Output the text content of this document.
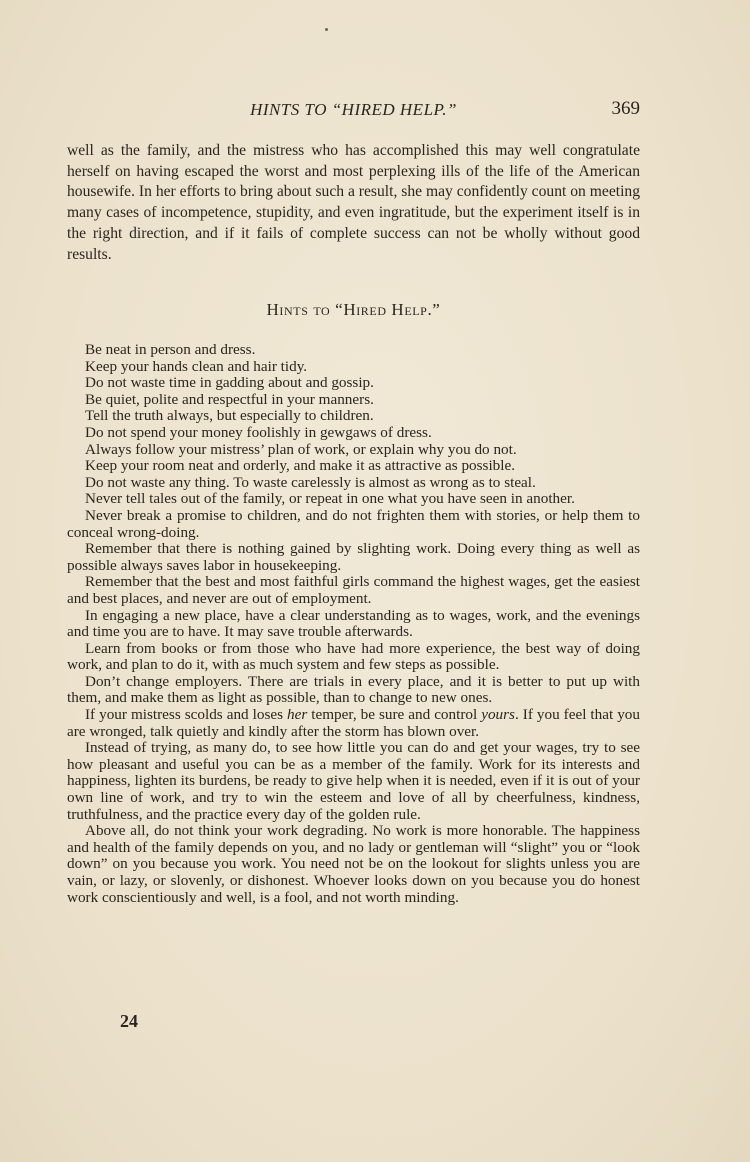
HINTS TO “HIRED HELP.”	369

well as the family, and the mistress who has accomplished this may well congratulate herself on having escaped the worst and most perplexing ills of the life of the American housewife. In her efforts to bring about such a result, she may confidently count on meeting many cases of incompetence, stupidity, and even ingratitude, but the experiment itself is in the right direction, and if it fails of complete success can not be wholly without good results.

Hints to “Hired Help.”

Be neat in person and dress.

Keep your hands clean and hair tidy.

Do not waste time in gadding about and gossip.

Be quiet, polite and respectful in your manners.

Tell the truth always, but especially to children.

Do not spend your money foolishly in gewgaws of dress.

Always follow your mistress’ plan of work, or explain why you do not.

Keep your room neat and orderly, and make it as attractive as possible.

Do not waste any thing. To waste carelessly is almost as wrong as to steal.

Never tell tales out of the family, or repeat in one what you have seen in another.

Never break a promise to children, and do not frighten them with stories, or help them to conceal wrong-doing.

Remember that there is nothing gained by slighting work. Doing every thing as well as possible always saves labor in housekeeping.

Remember that the best and most faithful girls command the highest wages, get the easiest and best places, and never are out of employment.

In engaging a new place, have a clear understanding as to wages, work, and the evenings and time you are to have. It may save trouble afterwards.

Learn from books or from those who have had more experience, the best way of doing work, and plan to do it, with as much system and few steps as possible.

Don’t change employers. There are trials in every place, and it is better to put up with them, and make them as light as possible, than to change to new ones.

If your mistress scolds and loses her temper, be sure and control yours. If you feel that you are wronged, talk quietly and kindly after the storm has blown over.

Instead of trying, as many do, to see how little you can do and get your wages, try to see how pleasant and useful you can be as a member of the family. Work for its interests and happiness, lighten its burdens, be ready to give help when it is needed, even if it is out of your own line of work, and try to win the esteem and love of all by cheerfulness, kindness, truthfulness, and the practice every day of the golden rule.

Above all, do not think your work degrading. No work is more honorable. The happiness and health of the family depends on you, and no lady or gentleman will “slight” you or “look down” on you because you work. You need not be on the lookout for slights unless you are vain, or lazy, or slovenly, or dishonest. Whoever looks down on you because you do honest work conscientiously and well, is a fool, and not worth minding.

24
